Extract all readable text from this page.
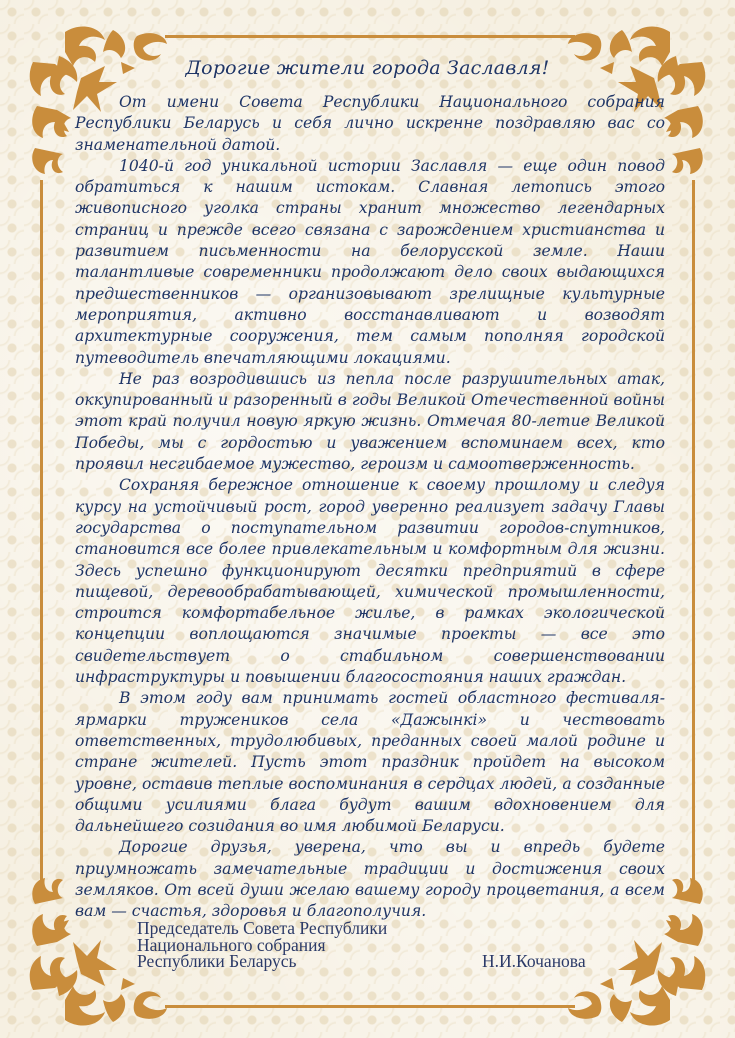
Дорогие жители города Заславля!

От имени Совета Республики Национального собрания Республики Беларусь и себя лично искренне поздравляю вас со знаменательной датой.

1040-й год уникальной истории Заславля — еще один повод обратиться к нашим истокам. Славная летопись этого живописного уголка страны хранит множество легендарных страниц и прежде всего связана с зарождением христианства и развитием письменности на белорусской земле. Наши талантливые современники продолжают дело своих выдающихся предшественников — организовывают зрелищные культурные мероприятия, активно восстанавливают и возводят архитектурные сооружения, тем самым пополняя городской путеводитель впечатляющими локациями.

Не раз возродившись из пепла после разрушительных атак, оккупированный и разоренный в годы Великой Отечественной войны этот край получил новую яркую жизнь. Отмечая 80-летие Великой Победы, мы с гордостью и уважением вспоминаем всех, кто проявил несгибаемое мужество, героизм и самоотверженность.

Сохраняя бережное отношение к своему прошлому и следуя курсу на устойчивый рост, город уверенно реализует задачу Главы государства о поступательном развитии городов-спутников, становится все более привлекательным и комфортным для жизни. Здесь успешно функционируют десятки предприятий в сфере пищевой, деревообрабатывающей, химической промышленности, строится комфортабельное жилье, в рамках экологической концепции воплощаются значимые проекты — все это свидетельствует о стабильном совершенствовании инфраструктуры и повышении благосостояния наших граждан.

В этом году вам принимать гостей областного фестиваля-ярмарки тружеников села «Дажынкі» и чествовать ответственных, трудолюбивых, преданных своей малой родине и стране жителей. Пусть этот праздник пройдет на высоком уровне, оставив теплые воспоминания в сердцах людей, а созданные общими усилиями блага будут вашим вдохновением для дальнейшего созидания во имя любимой Беларуси.

Дорогие друзья, уверена, что вы и впредь будете приумножать замечательные традиции и достижения своих земляков. От всей души желаю вашему городу процветания, а всем вам — счастья, здоровья и благополучия.

Председатель Совета Республики
Национального собрания
Республики Беларусь	Н.И.Кочанова
